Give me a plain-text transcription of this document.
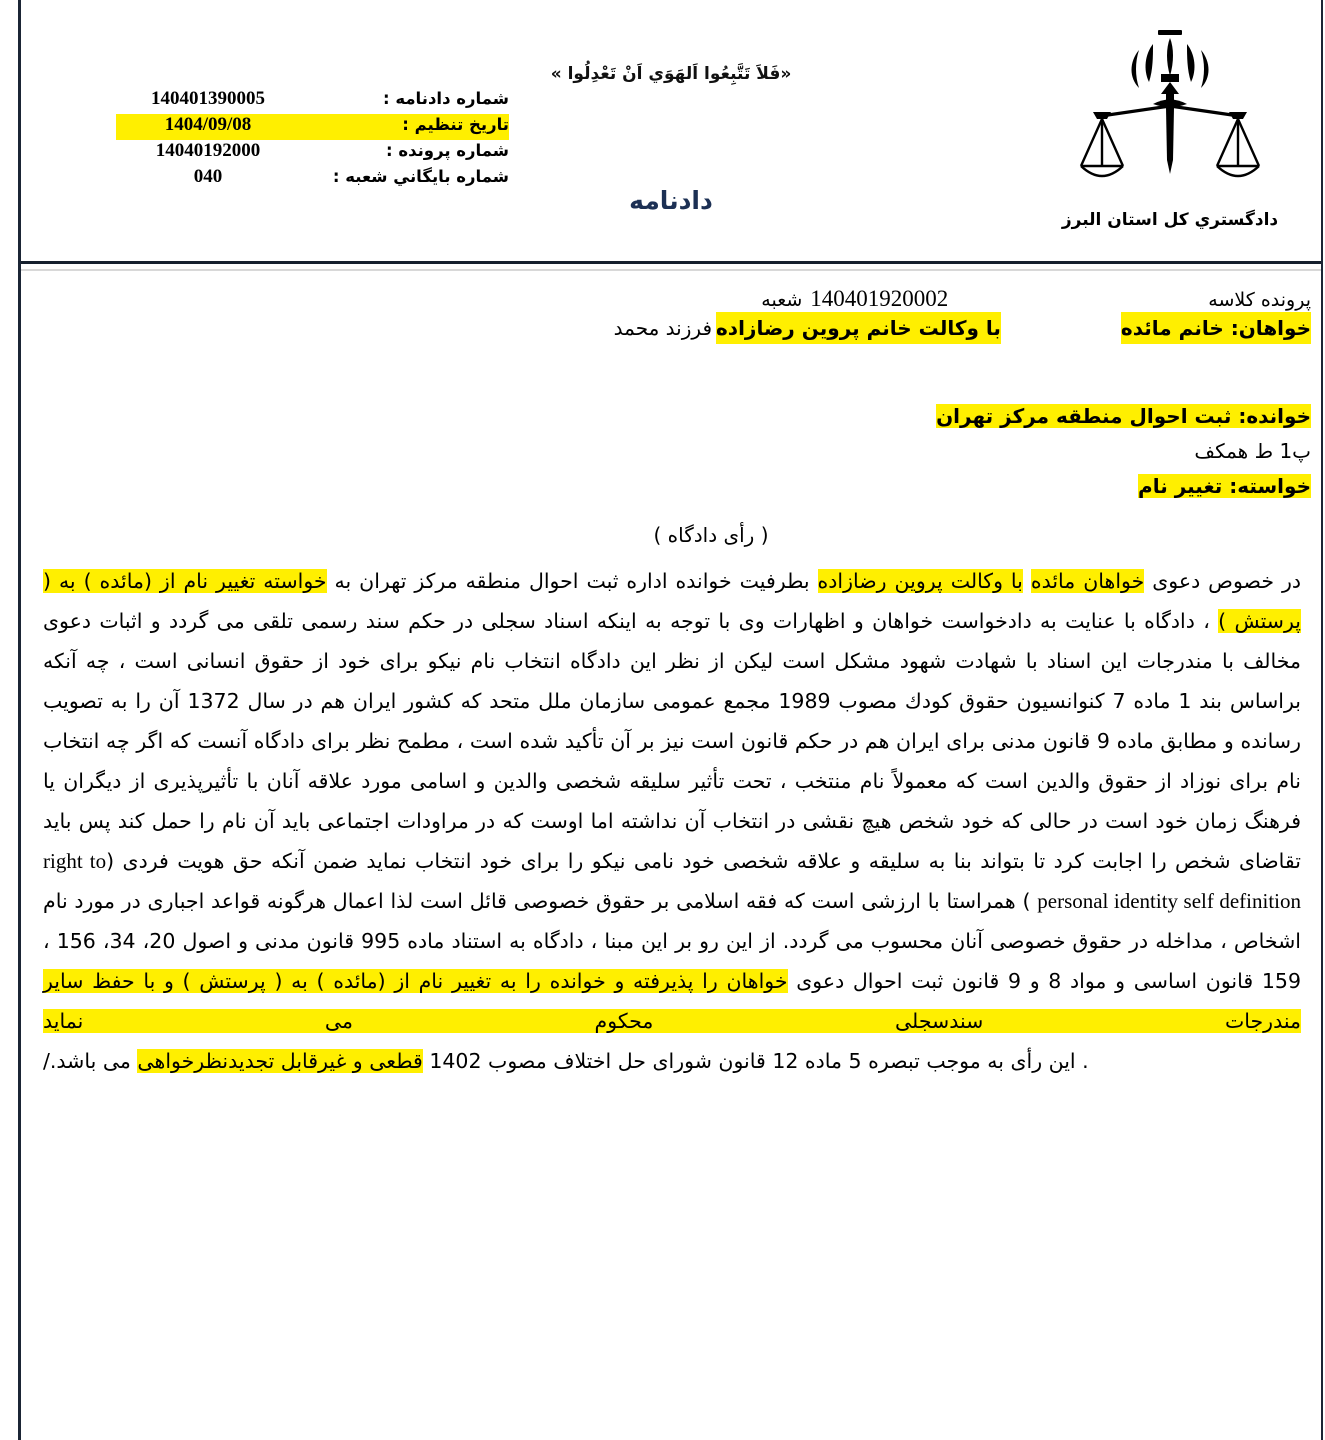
شماره دادنامه :
140401390005
تاريخ تنظيم :
1404/09/08
شماره پرونده :
14040192000
شماره بايگاني شعبه :
040
«فَلاَ تَتَّبِعُوا اَلهَوَي اَنْ تَعْدِلُوا »
دادنامه
دادگستري كل استان البرز
پرونده كلاسه
140401920002
شعبه
خواهان: خانم مائده
با وكالت خانم پروين رضازاده
فرزند محمد
خوانده: ثبت احوال منطقه مركز تهران
پ1 ط همكف
خواسته: تغيير نام
( رأی دادگاه )

در خصوص دعوی خواهان مائده با وكالت پروين رضازاده بطرفيت خوانده اداره ثبت احوال منطقه مركز تهران به خواسته تغيير نام از (مائده ) به ( پرستش ) ، دادگاه با عنايت به دادخواست خواهان و اظهارات وی با توجه به اينكه اسناد سجلی در حكم سند رسمی تلقی می گردد و اثبات دعوی مخالف با مندرجات اين اسناد با شهادت شهود مشكل است ليكن از نظر اين دادگاه انتخاب نام نيكو برای خود از حقوق انسانی است ، چه آنكه براساس بند 1 ماده 7 كنوانسيون حقوق كودك مصوب 1989 مجمع عمومی سازمان ملل متحد كه كشور ايران هم در سال 1372 آن را به تصويب رسانده و مطابق ماده 9 قانون مدنی برای ايران هم در حكم قانون است نيز بر آن تأكيد شده است ، مطمح نظر برای دادگاه آنست كه اگر چه انتخاب نام برای نوزاد از حقوق والدين است كه معمولاً نام منتخب ، تحت تأثير سليقه شخصی والدين و اسامی مورد علاقه آنان با تأثيرپذيری از ديگران يا فرهنگ زمان خود است در حالی كه خود شخص هيچ نقشی در انتخاب آن نداشته اما اوست كه در مراودات اجتماعی بايد آن نام را حمل كند پس بايد تقاضای شخص را اجابت كرد تا بتواند بنا به سليقه و علاقه شخصی خود نامی نيكو را برای خود انتخاب نمايد ضمن آنكه حق هويت فردی (right to personal identity self definition ) همراستا با ارزشی است كه فقه اسلامی بر حقوق خصوصی قائل است لذا اعمال هرگونه قواعد اجباری در مورد نام اشخاص ، مداخله در حقوق خصوصی آنان محسوب می گردد. از اين رو بر اين مبنا ، دادگاه به استناد ماده 995 قانون مدنی و اصول 20، 34، 156 ، 159 قانون اساسی و مواد 8 و 9 قانون ثبت احوال دعوی خواهان را پذيرفته و خوانده را به تغيير نام از (مائده ) به ( پرستش ) و با حفظ ساير مندرجات سندسجلی محكوم می نمايد

. اين رأی به موجب تبصره 5 ماده 12 قانون شورای حل اختلاف مصوب 1402 قطعی و غيرقابل تجديدنظرخواهی می باشد./
